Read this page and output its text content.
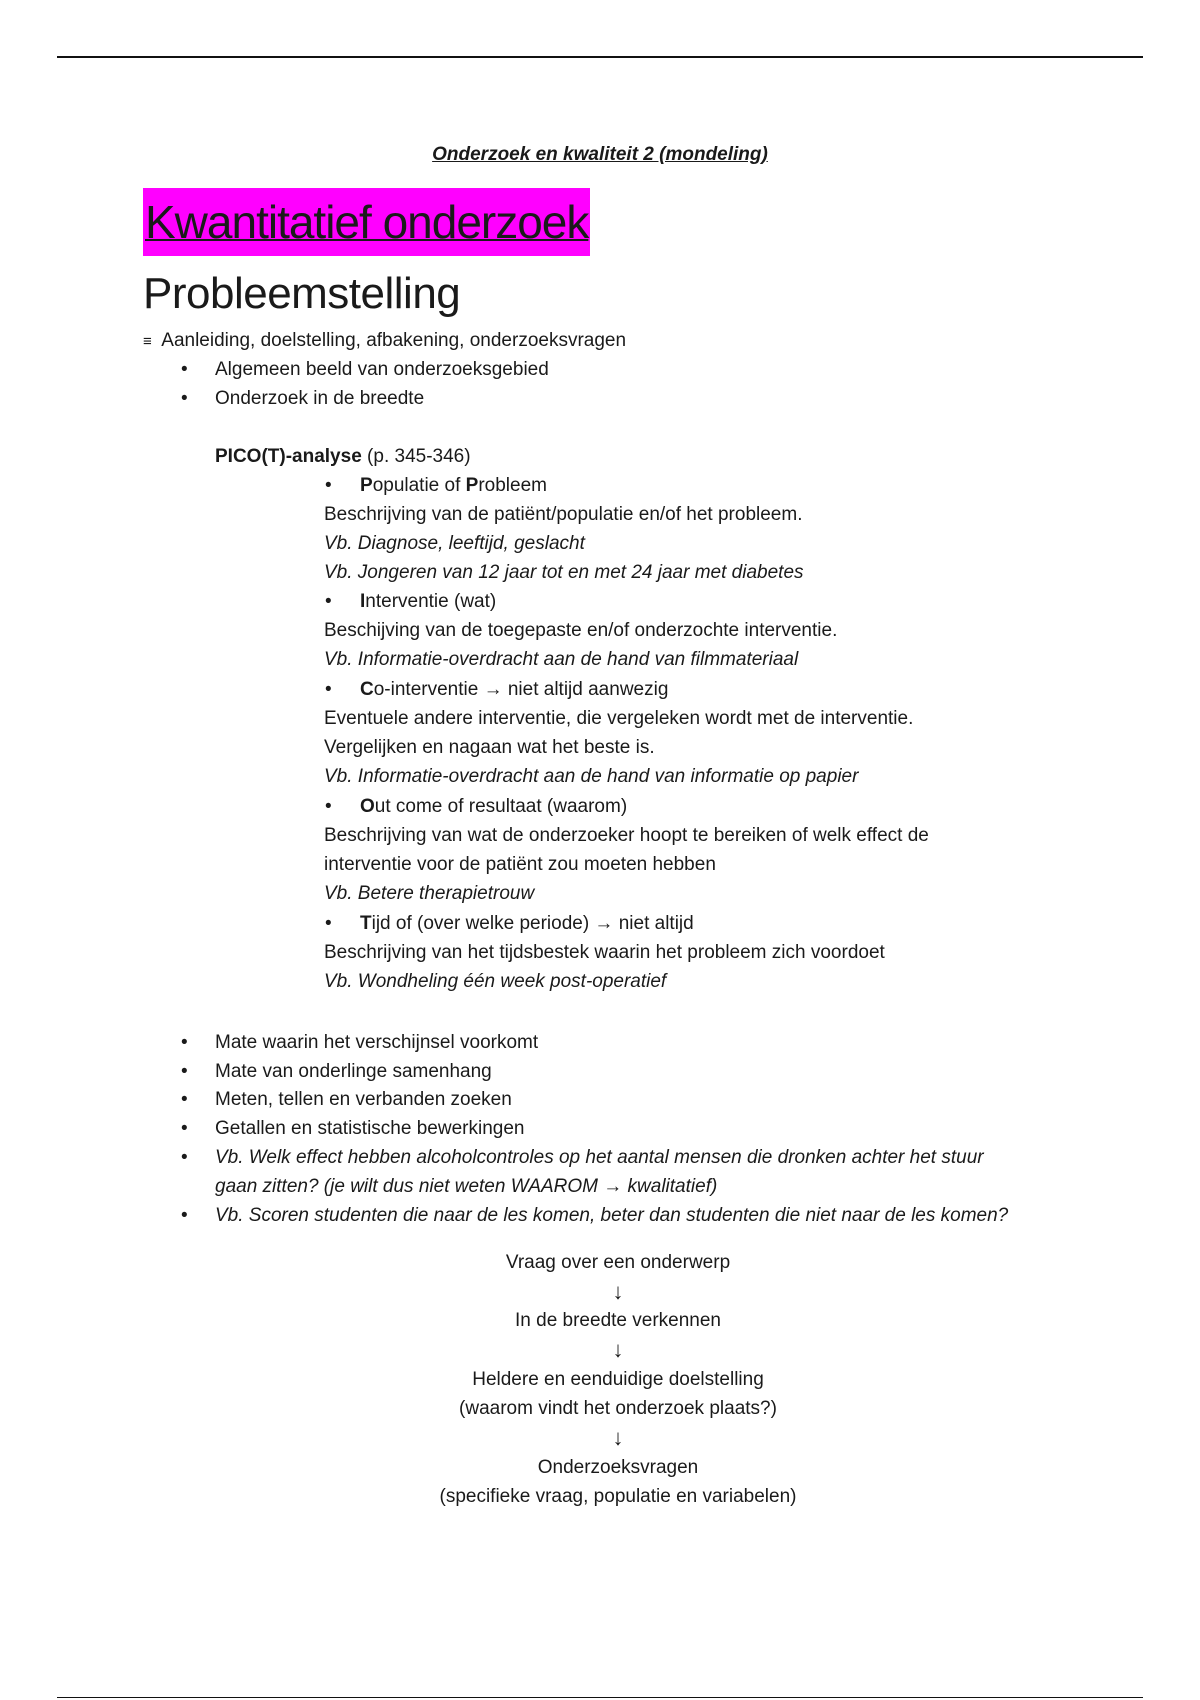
Onderzoek en kwaliteit 2 (mondeling)
Kwantitatief onderzoek
Probleemstelling
≡ Aanleiding, doelstelling, afbakening, onderzoeksvragen
• Algemeen beeld van onderzoeksgebied
• Onderzoek in de breedte
PICO(T)-analyse (p. 345-346)
• Populatie of Probleem
Beschrijving van de patiënt/populatie en/of het probleem.
Vb. Diagnose, leeftijd, geslacht
Vb. Jongeren van 12 jaar tot en met 24 jaar met diabetes
• Interventie (wat)
Beschijving van de toegepaste en/of onderzochte interventie.
Vb. Informatie-overdracht aan de hand van filmmateriaal
• Co-interventie → niet altijd aanwezig
Eventuele andere interventie, die vergeleken wordt met de interventie.
Vergelijken en nagaan wat het beste is.
Vb. Informatie-overdracht aan de hand van informatie op papier
• Out come of resultaat (waarom)
Beschrijving van wat de onderzoeker hoopt te bereiken of welk effect de
interventie voor de patiënt zou moeten hebben
Vb. Betere therapietrouw
• Tijd of (over welke periode) → niet altijd
Beschrijving van het tijdsbestek waarin het probleem zich voordoet
Vb. Wondheling één week post-operatief
• Mate waarin het verschijnsel voorkomt
• Mate van onderlinge samenhang
• Meten, tellen en verbanden zoeken
• Getallen en statistische bewerkingen
• Vb. Welk effect hebben alcoholcontroles op het aantal mensen die dronken achter het stuur
gaan zitten? (je wilt dus niet weten WAAROM → kwalitatief)
• Vb. Scoren studenten die naar de les komen, beter dan studenten die niet naar de les komen?
Vraag over een onderwerp
↓
In de breedte verkennen
↓
Heldere en eenduidige doelstelling
(waarom vindt het onderzoek plaats?)
↓
Onderzoeksvragen
(specifieke vraag, populatie en variabelen)
